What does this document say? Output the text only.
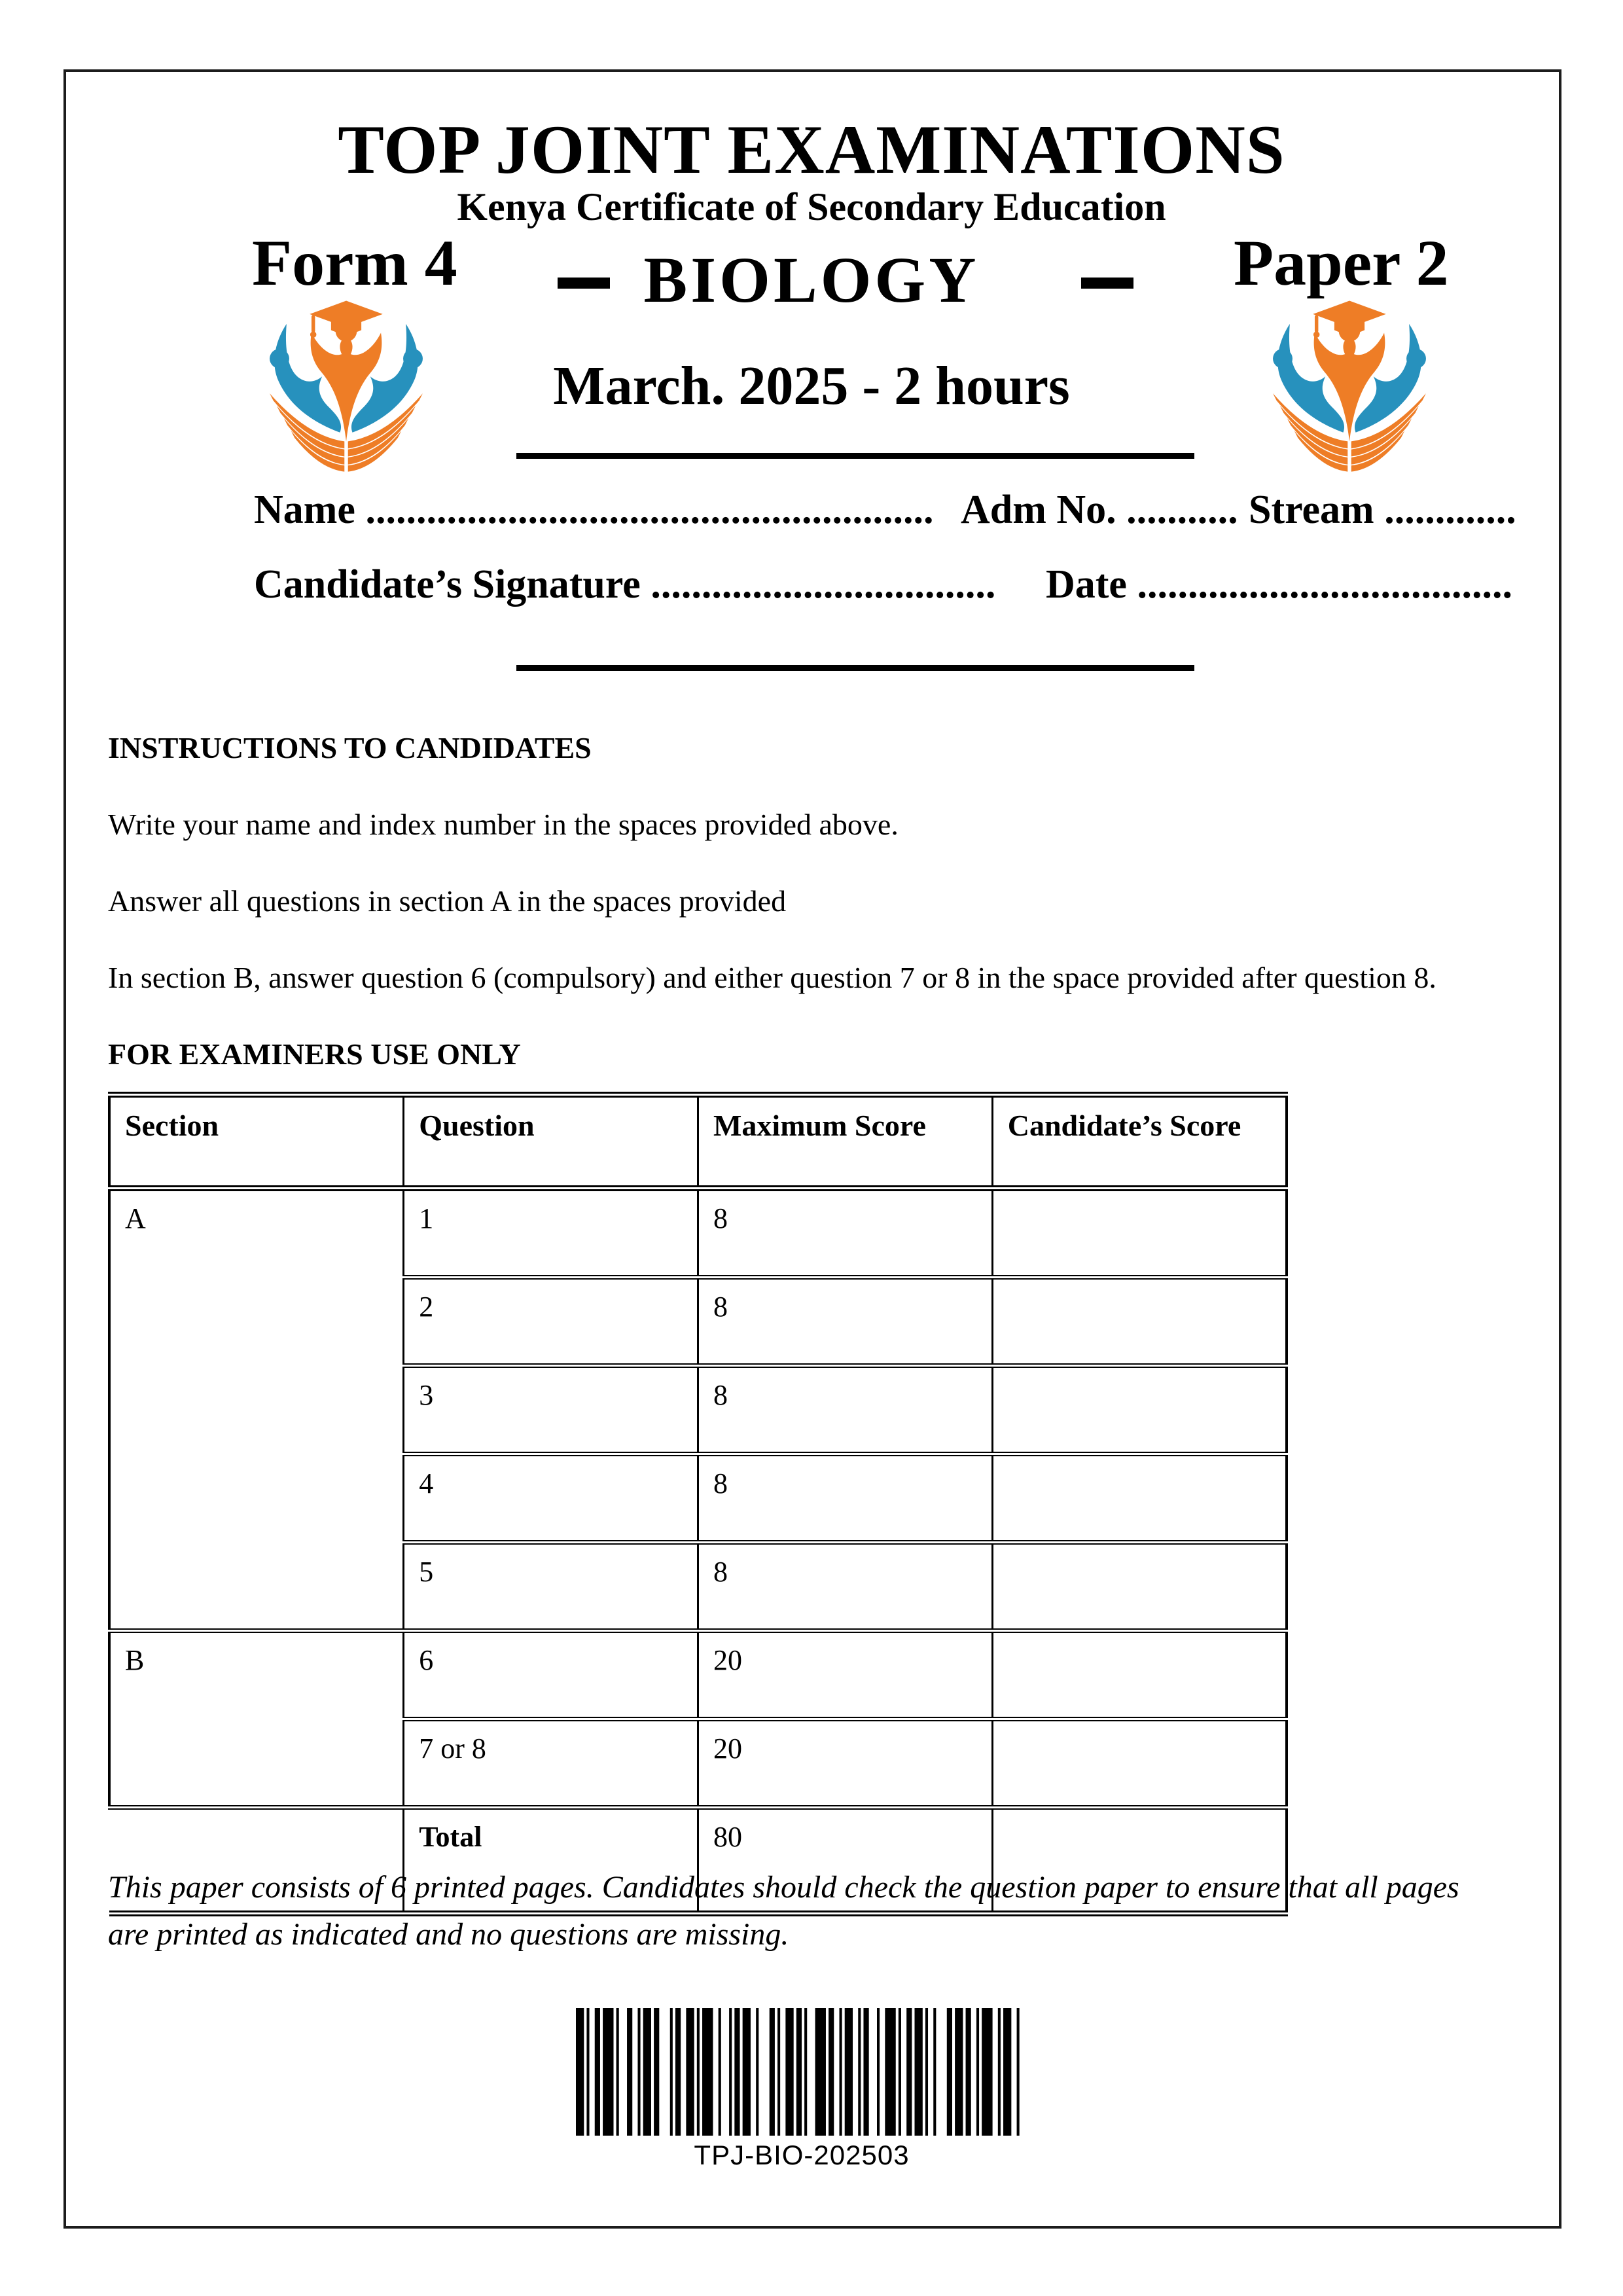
TOP JOINT EXAMINATIONS
Kenya Certificate of Secondary Education
Form 4	Paper 2
BIOLOGY
March. 2025 - 2 hours
Name ........................................................ Adm No. ........... Stream .............
Candidate’s Signature .................................. Date .....................................
INSTRUCTIONS TO CANDIDATES
Write your name and index number in the spaces provided above.
Answer all questions in section A in the spaces provided
In section B, answer question 6 (compulsory) and either question 7 or 8 in the space provided after question 8.
FOR EXAMINERS USE ONLY
Section	Question	Maximum Score	Candidate’s Score
A	1	8	
	2	8	
	3	8	
	4	8	
	5	8	
B	6	20	
	7 or 8	20	
	Total	80	
This paper consists of 6 printed pages. Candidates should check the question paper to ensure that all pages
are printed as indicated and no questions are missing.
TPJ-BIO-202503
